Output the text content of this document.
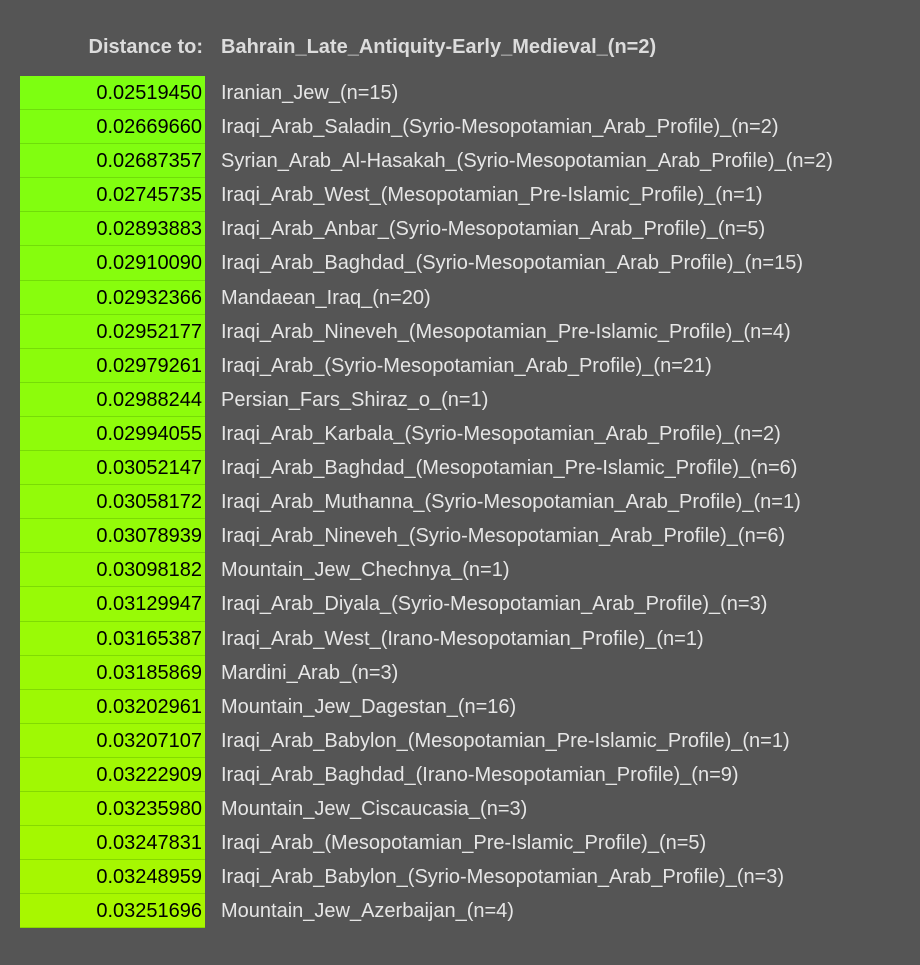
Distance to: Bahrain_Late_Antiquity-Early_Medieval_(n=2)
0.02519450 Iranian_Jew_(n=15)
0.02669660 Iraqi_Arab_Saladin_(Syrio-Mesopotamian_Arab_Profile)_(n=2)
0.02687357 Syrian_Arab_Al-Hasakah_(Syrio-Mesopotamian_Arab_Profile)_(n=2)
0.02745735 Iraqi_Arab_West_(Mesopotamian_Pre-Islamic_Profile)_(n=1)
0.02893883 Iraqi_Arab_Anbar_(Syrio-Mesopotamian_Arab_Profile)_(n=5)
0.02910090 Iraqi_Arab_Baghdad_(Syrio-Mesopotamian_Arab_Profile)_(n=15)
0.02932366 Mandaean_Iraq_(n=20)
0.02952177 Iraqi_Arab_Nineveh_(Mesopotamian_Pre-Islamic_Profile)_(n=4)
0.02979261 Iraqi_Arab_(Syrio-Mesopotamian_Arab_Profile)_(n=21)
0.02988244 Persian_Fars_Shiraz_o_(n=1)
0.02994055 Iraqi_Arab_Karbala_(Syrio-Mesopotamian_Arab_Profile)_(n=2)
0.03052147 Iraqi_Arab_Baghdad_(Mesopotamian_Pre-Islamic_Profile)_(n=6)
0.03058172 Iraqi_Arab_Muthanna_(Syrio-Mesopotamian_Arab_Profile)_(n=1)
0.03078939 Iraqi_Arab_Nineveh_(Syrio-Mesopotamian_Arab_Profile)_(n=6)
0.03098182 Mountain_Jew_Chechnya_(n=1)
0.03129947 Iraqi_Arab_Diyala_(Syrio-Mesopotamian_Arab_Profile)_(n=3)
0.03165387 Iraqi_Arab_West_(Irano-Mesopotamian_Profile)_(n=1)
0.03185869 Mardini_Arab_(n=3)
0.03202961 Mountain_Jew_Dagestan_(n=16)
0.03207107 Iraqi_Arab_Babylon_(Mesopotamian_Pre-Islamic_Profile)_(n=1)
0.03222909 Iraqi_Arab_Baghdad_(Irano-Mesopotamian_Profile)_(n=9)
0.03235980 Mountain_Jew_Ciscaucasia_(n=3)
0.03247831 Iraqi_Arab_(Mesopotamian_Pre-Islamic_Profile)_(n=5)
0.03248959 Iraqi_Arab_Babylon_(Syrio-Mesopotamian_Arab_Profile)_(n=3)
0.03251696 Mountain_Jew_Azerbaijan_(n=4)
